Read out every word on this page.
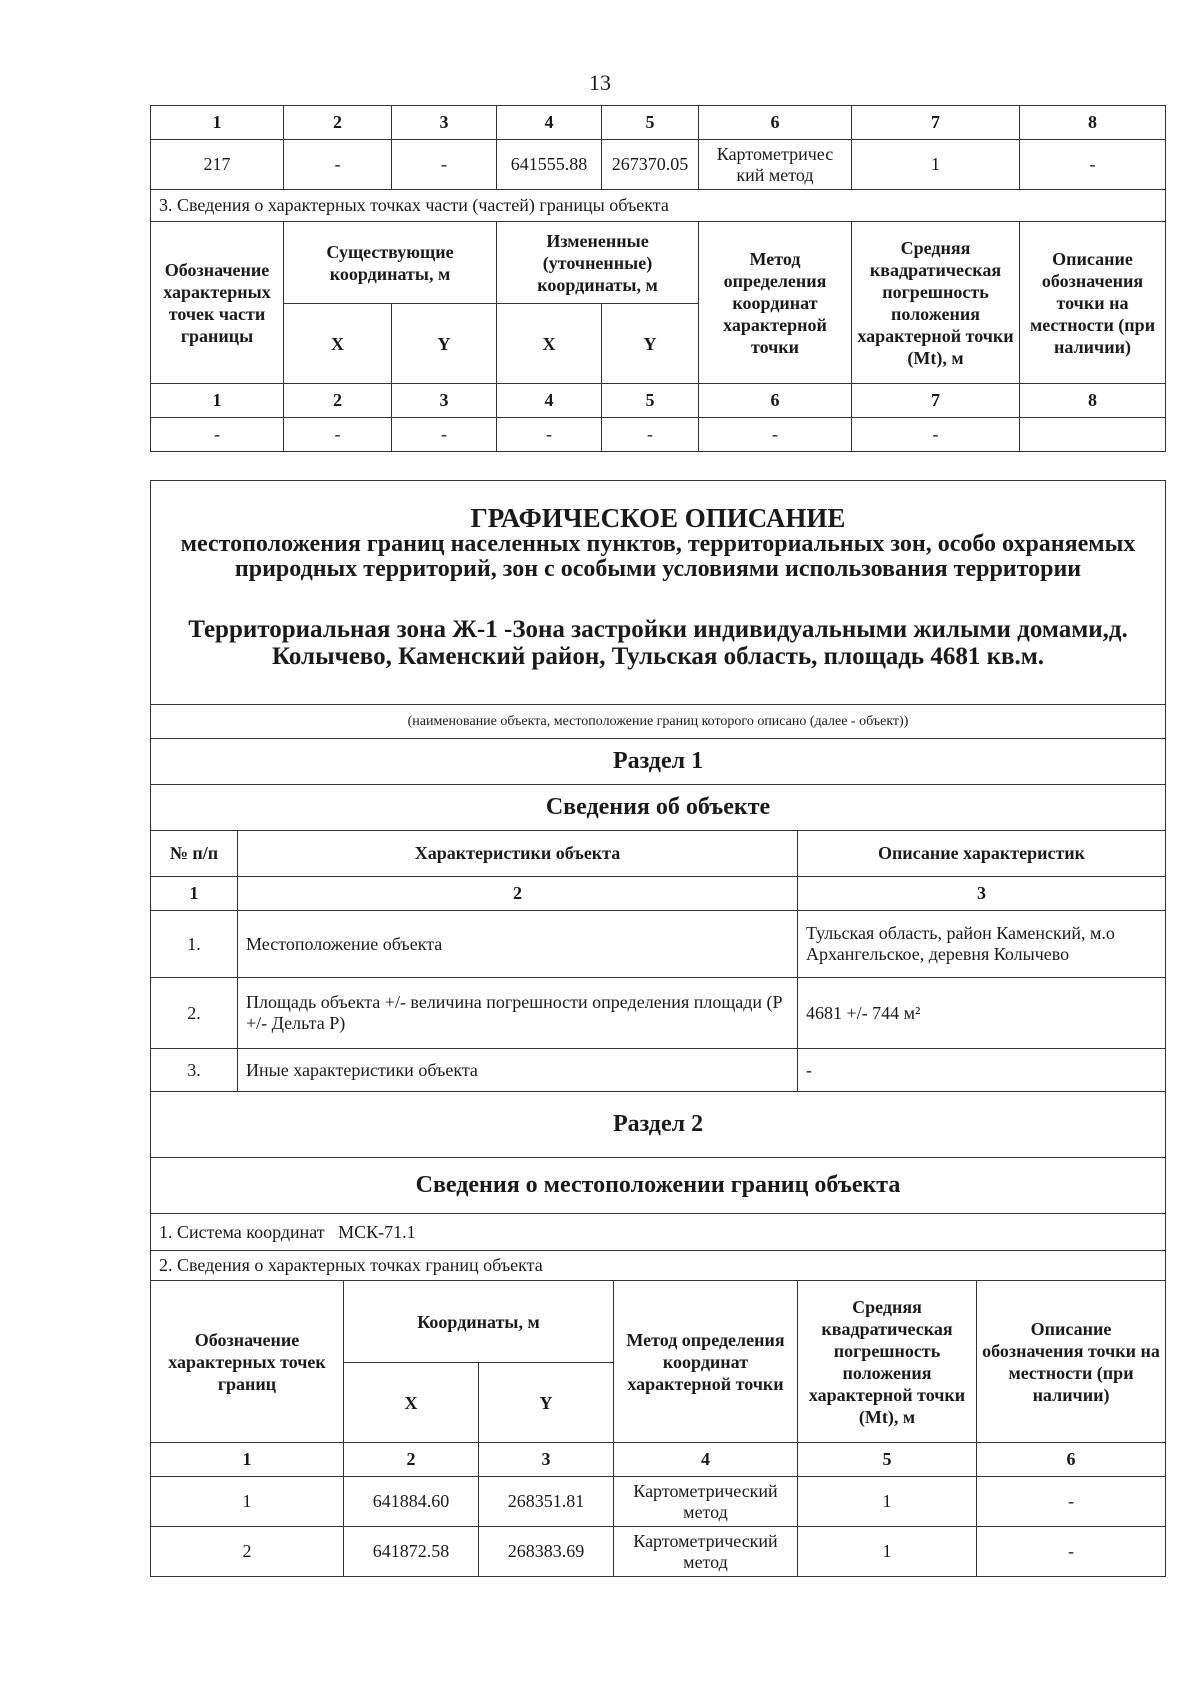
13
1	2	3	4	5	6	7	8
217	-	-	641555.88	267370.05	Картометричес кий метод	1	-
3. Сведения о характерных точках части (частей) границы объекта							
Обозначение характерных точек части границы	Существующие координаты, м		Измененные (уточненные) координаты, м		Метод определения координат характерной точки	Средняя квадратическая погрешность положения характерной точки (Mt), м	Описание обозначения точки на местности (при наличии)
	X	Y	X	Y			
1	2	3	4	5	6	7	8
-	-	-	-	-	-	-	
ГРАФИЧЕСКОЕ ОПИСАНИЕ
местоположения границ населенных пунктов, территориальных зон, особо охраняемых природных территорий, зон с особыми условиями использования территории
Территориальная зона Ж-1 -Зона застройки индивидуальными жилыми домами,д. Колычево, Каменский район, Тульская область, площадь 4681 кв.м.						

(наименование объекта, местоположение границ которого описано (далее - объект))						
Раздел 1						
Сведения об объекте						
№ п/п	Характеристики объекта				Описание характеристик	
1	2				3	
1.	Местоположение объекта				Тульская область, район Каменский, м.о Архангельское, деревня Колычево	
2.	Площадь объекта +/- величина погрешности определения площади (P +/- Дельта P)				4681 +/- 744 м²	
3.	Иные характеристики объекта				-	
Раздел 2						
Сведения о местоположении границ объекта						
1. Система координат   МСК-71.1						
2. Сведения о характерных точках границ объекта						
Обозначение характерных точек границ		Координаты, м		Метод определения координат характерной точки	Средняя квадратическая погрешность положения характерной точки (Mt), м	Описание обозначения точки на местности (при наличии)
		X	Y			
1		2	3	4	5	6
1		641884.60	268351.81	Картометрический метод	1	-
2		641872.58	268383.69	Картометрический метод	1	-
